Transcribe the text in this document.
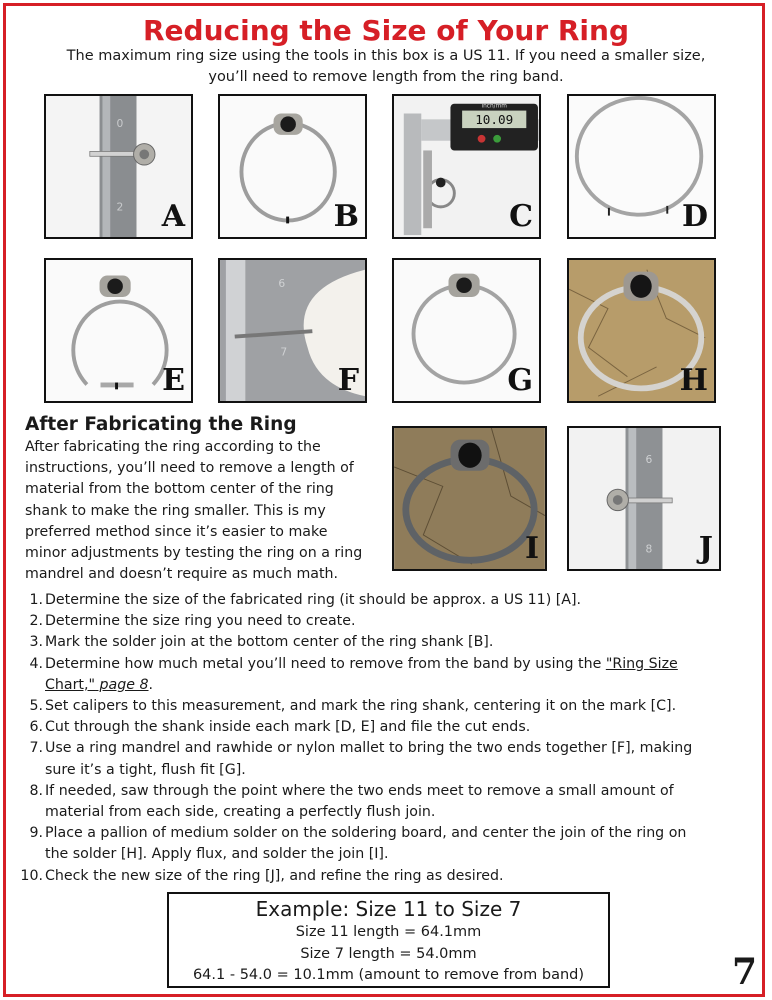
Reducing the Size of Your Ring
The maximum ring size using the tools in this box is a US 11. If you need a smaller size,
you’ll need to remove length from the ring band.
0
2 A	B
10.09
inch/mm
C	D
E
6
7
F	G	H
After Fabricating the Ring
After fabricating the ring according to the
instructions, you’ll need to remove a length of
material from the bottom center of the ring
shank to make the ring smaller. This is my
preferred method since it’s easier to make
minor adjustments by testing the ring on a ring
mandrel and doesn’t require as much math.
I
6
8 J
1. Determine the size of the fabricated ring (it should be approx. a US 11) [A].
2. Determine the size ring you need to create.
3. Mark the solder join at the bottom center of the ring shank [B].
4. Determine how much metal you’ll need to remove from the band by using the "Ring Size
Chart," page 8.
5. Set calipers to this measurement, and mark the ring shank, centering it on the mark [C].
6. Cut through the shank inside each mark [D, E] and file the cut ends.
7. Use a ring mandrel and rawhide or nylon mallet to bring the two ends together [F], making
sure it’s a tight, flush fit [G].
8. If needed, saw through the point where the two ends meet to remove a small amount of
material from each side, creating a perfectly flush join.
9. Place a pallion of medium solder on the soldering board, and center the join of the ring on
the solder [H]. Apply flux, and solder the join [I].
10. Check the new size of the ring [J], and refine the ring as desired.
Example: Size 11 to Size 7
Size 11 length = 64.1mm
Size 7 length = 54.0mm
64.1 - 54.0 = 10.1mm (amount to remove from band)	7
